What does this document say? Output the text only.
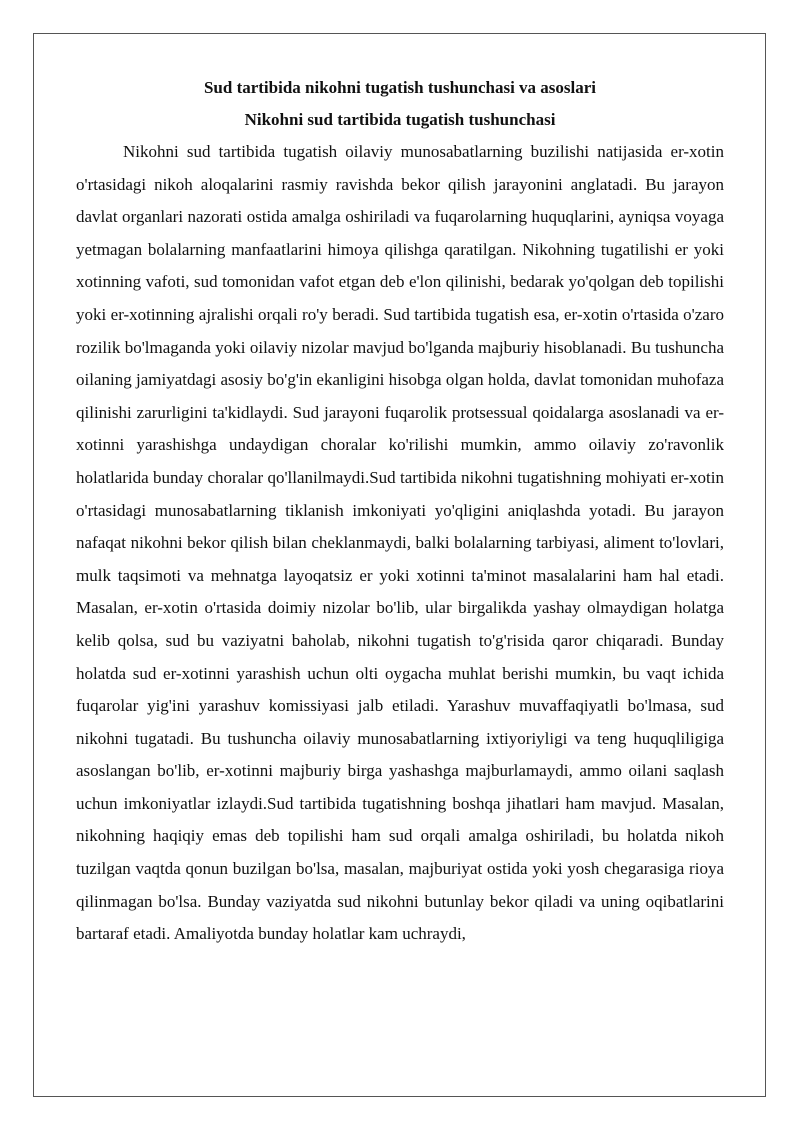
Sud tartibida nikohni tugatish tushunchasi va asoslari

Nikohni sud tartibida tugatish tushunchasi

Nikohni sud tartibida tugatish oilaviy munosabatlarning buzilishi natijasida er-xotin o'rtasidagi nikoh aloqalarini rasmiy ravishda bekor qilish jarayonini anglatadi. Bu jarayon davlat organlari nazorati ostida amalga oshiriladi va fuqarolarning huquqlarini, ayniqsa voyaga yetmagan bolalarning manfaatlarini himoya qilishga qaratilgan. Nikohning tugatilishi er yoki xotinning vafoti, sud tomonidan vafot etgan deb e'lon qilinishi, bedarak yo'qolgan deb topilishi yoki er-xotinning ajralishi orqali ro'y beradi. Sud tartibida tugatish esa, er-xotin o'rtasida o'zaro rozilik bo'lmaganda yoki oilaviy nizolar mavjud bo'lganda majburiy hisoblanadi. Bu tushuncha oilaning jamiyatdagi asosiy bo'g'in ekanligini hisobga olgan holda, davlat tomonidan muhofaza qilinishi zarurligini ta'kidlaydi. Sud jarayoni fuqarolik protsessual qoidalarga asoslanadi va er-xotinni yarashishga undaydigan choralar ko'rilishi mumkin, ammo oilaviy zo'ravonlik holatlarida bunday choralar qo'llanilmaydi.Sud tartibida nikohni tugatishning mohiyati er-xotin o'rtasidagi munosabatlarning tiklanish imkoniyati yo'qligini aniqlashda yotadi. Bu jarayon nafaqat nikohni bekor qilish bilan cheklanmaydi, balki bolalarning tarbiyasi, aliment to'lovlari, mulk taqsimoti va mehnatga layoqatsiz er yoki xotinni ta'minot masalalarini ham hal etadi. Masalan, er-xotin o'rtasida doimiy nizolar bo'lib, ular birgalikda yashay olmaydigan holatga kelib qolsa, sud bu vaziyatni baholab, nikohni tugatish to'g'risida qaror chiqaradi. Bunday holatda sud er-xotinni yarashish uchun olti oygacha muhlat berishi mumkin, bu vaqt ichida fuqarolar yig'ini yarashuv komissiyasi jalb etiladi. Yarashuv muvaffaqiyatli bo'lmasa, sud nikohni tugatadi. Bu tushuncha oilaviy munosabatlarning ixtiyoriyligi va teng huquqliligiga asoslangan bo'lib, er-xotinni majburiy birga yashashga majburlamaydi, ammo oilani saqlash uchun imkoniyatlar izlaydi.Sud tartibida tugatishning boshqa jihatlari ham mavjud. Masalan, nikohning haqiqiy emas deb topilishi ham sud orqali amalga oshiriladi, bu holatda nikoh tuzilgan vaqtda qonun buzilgan bo'lsa, masalan, majburiyat ostida yoki yosh chegarasiga rioya qilinmagan bo'lsa. Bunday vaziyatda sud nikohni butunlay bekor qiladi va uning oqibatlarini bartaraf etadi. Amaliyotda bunday holatlar kam uchraydi,
